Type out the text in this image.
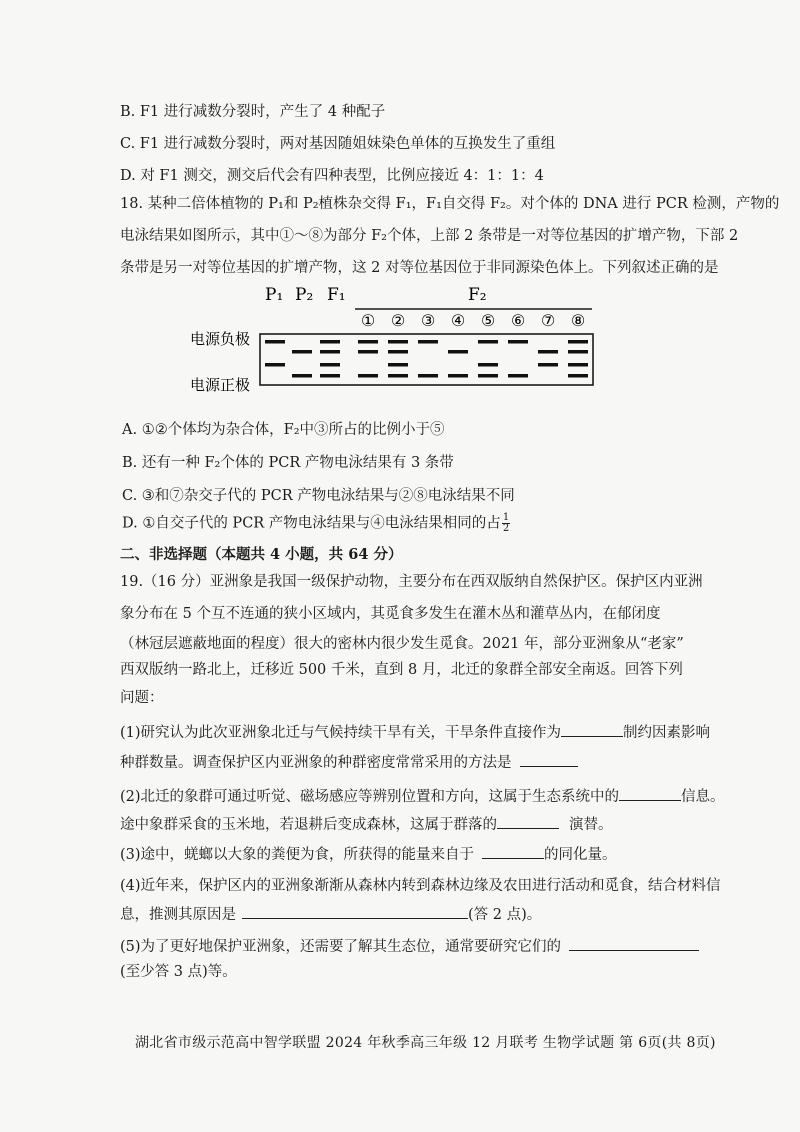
B. F1 进行减数分裂时，产生了 4 种配子
C. F1 进行减数分裂时，两对基因随姐妹染色单体的互换发生了重组
D. 对 F1 测交，测交后代会有四种表型，比例应接近 4：1：1：4
18. 某种二倍体植物的 P₁和 P₂植株杂交得 F₁，F₁自交得 F₂。对个体的 DNA 进行 PCR 检测，产物的
电泳结果如图所示，其中①～⑧为部分 F₂个体，上部 2 条带是一对等位基因的扩增产物，下部 2
条带是另一对等位基因的扩增产物，这 2 对等位基因位于非同源染色体上。下列叙述正确的是
P₁ P₂ F₁	F₂
① ② ③ ④ ⑤ ⑥ ⑦ ⑧
电源负极
电源正极
A. ①②个体均为杂合体，F₂中③所占的比例小于⑤
B. 还有一种 F₂个体的 PCR 产物电泳结果有 3 条带
C. ③和⑦杂交子代的 PCR 产物电泳结果与②⑧电泳结果不同
D. ①自交子代的 PCR 产物电泳结果与④电泳结果相同的占 $\frac{1}{2}$
二、非选择题（本题共 4 小题，共 64 分）
19.（16 分）亚洲象是我国一级保护动物，主要分布在西双版纳自然保护区。保护区内亚洲
象分布在 5 个互不连通的狭小区域内，其觅食多发生在灌木丛和灌草丛内，在郁闭度
（林冠层遮蔽地面的程度）很大的密林内很少发生觅食。2021 年，部分亚洲象从“老家”
西双版纳一路北上，迁移近 500 千米，直到 8 月，北迁的象群全部安全南返。回答下列
问题：
(1)研究认为此次亚洲象北迁与气候持续干旱有关，干旱条件直接作为	制约因素影响
种群数量。调查保护区内亚洲象的种群密度常常采用的方法是
(2)北迁的象群可通过听觉、磁场感应等辨别位置和方向，这属于生态系统中的	信息。
途中象群采食的玉米地，若退耕后变成森林，这属于群落的	演替。
(3)途中，蜣螂以大象的粪便为食，所获得的能量来自于	的同化量。
(4)近年来，保护区内的亚洲象渐渐从森林内转到森林边缘及农田进行活动和觅食，结合材料信
息，推测其原因是	(答 2 点)。
(5)为了更好地保护亚洲象，还需要了解其生态位，通常要研究它们的
(至少答 3 点)等。
湖北省市级示范高中智学联盟 2024 年秋季高三年级 12 月联考 生物学试题 第 6页(共 8页)
